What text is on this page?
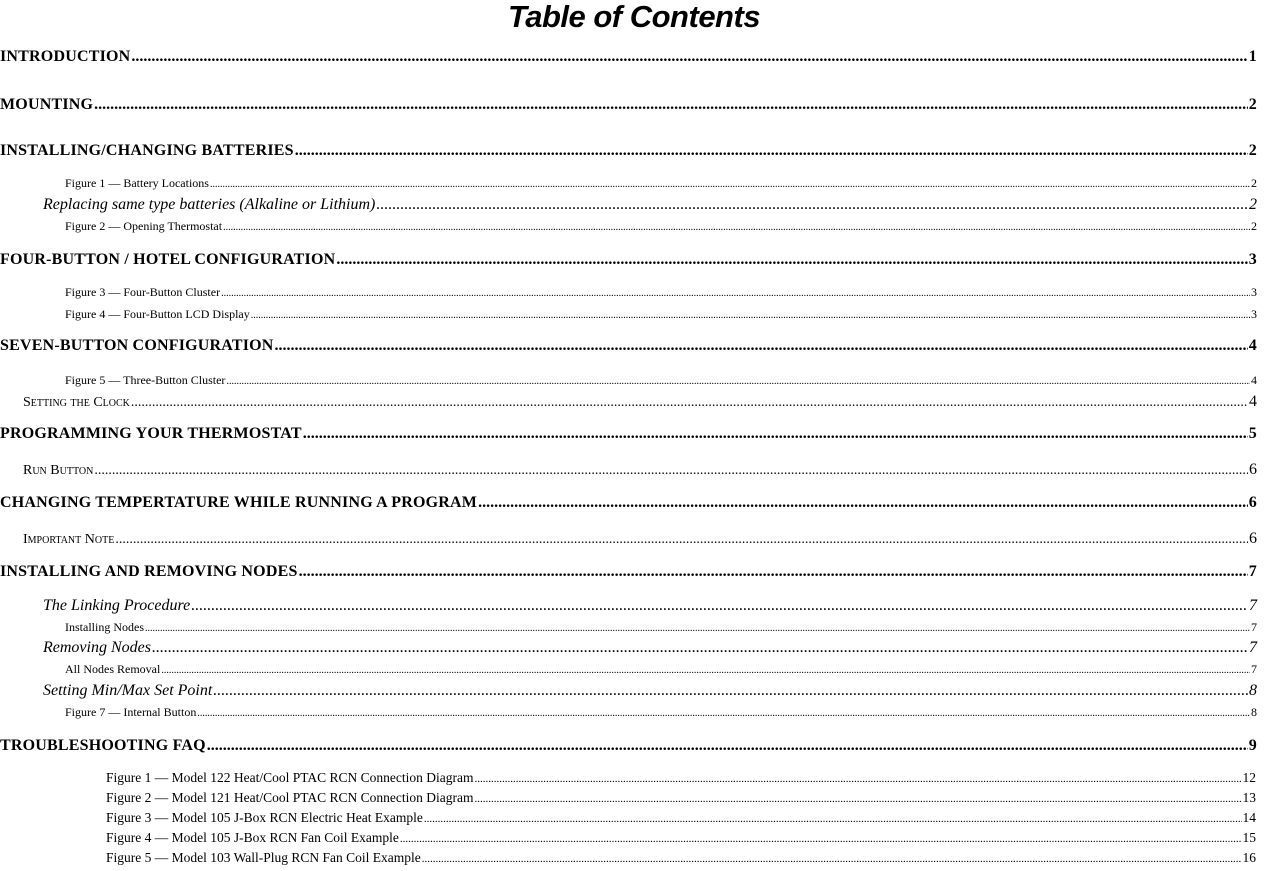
Table of Contents
INTRODUCTION .....	1
MOUNTING .....	2
INSTALLING/CHANGING BATTERIES .....	2
Figure 1 — Battery Locations .....	2
Replacing same type batteries (Alkaline or Lithium) .....	2
Figure 2 — Opening Thermostat .....	2
FOUR-BUTTON / HOTEL CONFIGURATION .....	3
Figure 3 — Four-Button Cluster .....	3
Figure 4 — Four-Button LCD Display .....	3
SEVEN-BUTTON CONFIGURATION .....	4
Figure 5 — Three-Button Cluster .....	4
Setting the Clock .....	4
PROGRAMMING YOUR THERMOSTAT .....	5
Run Button .....	6
CHANGING TEMPERTATURE WHILE RUNNING A PROGRAM .....	6
Important Note .....	6
INSTALLING AND REMOVING NODES .....	7
The Linking Procedure .....	7
Installing Nodes .....	7
Removing Nodes .....	7
All Nodes Removal .....	7
Setting Min/Max Set Point .....	8
Figure 7 — Internal Button .....	8
TROUBLESHOOTING FAQ .....	9
Figure 1 — Model 122 Heat/Cool PTAC RCN Connection Diagram .....	12
Figure 2 — Model 121 Heat/Cool PTAC RCN Connection Diagram .....	13
Figure 3 — Model 105 J-Box RCN Electric Heat Example .....	14
Figure 4 — Model 105 J-Box RCN Fan Coil Example .....	15
Figure 5 — Model 103 Wall-Plug RCN Fan Coil Example .....	16
